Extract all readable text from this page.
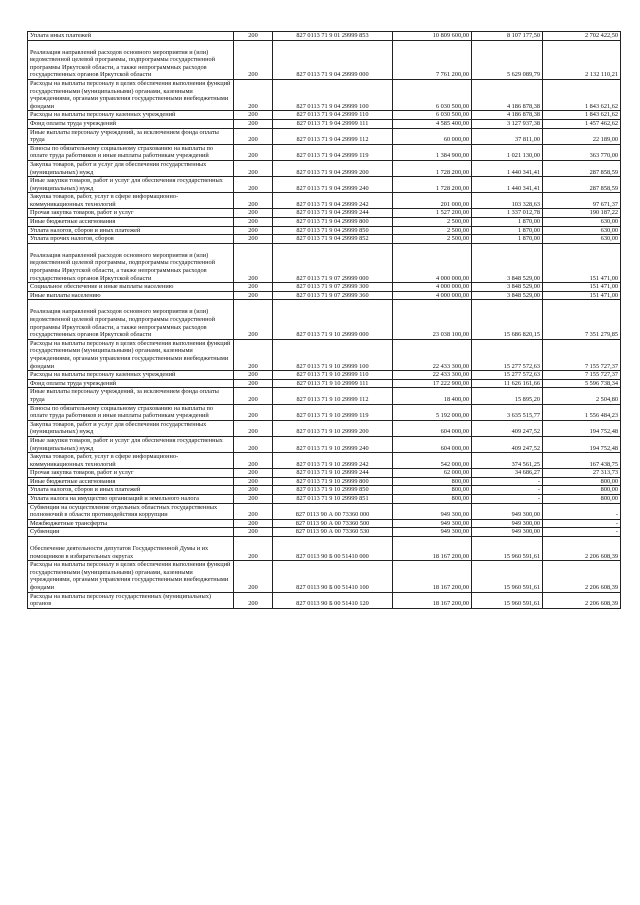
Уплата иных платежей	200	827 0113 71 9 01 29999 853	10 809 600,00	8 107 177,50	2 702 422,50
Реализация направлений расходов основного мероприятия и (или) ведомственной целевой программы, подпрограммы государственной программы Иркутской области, а также непрограммных расходов государственных органов Иркутской области	200	827 0113 71 9 04 29999 000	7 761 200,00	5 629 089,79	2 132 110,21
Расходы на выплаты персоналу в целях обеспечения выполнения функций государственными (муниципальными) органами, казенными учреждениями, органами управления государственными внебюджетными фондами	200	827 0113 71 9 04 29999 100	6 030 500,00	4 186 878,38	1 843 621,62
Расходы на выплаты персоналу казенных учреждений	200	827 0113 71 9 04 29999 110	6 030 500,00	4 186 878,38	1 843 621,62
Фонд оплаты труда учреждений	200	827 0113 71 9 04 29999 111	4 585 400,00	3 127 937,38	1 457 462,62
Иные выплаты персоналу учреждений, за исключением фонда оплаты труда	200	827 0113 71 9 04 29999 112	60 000,00	37 811,00	22 189,00
Взносы по обязательному социальному страхованию на выплаты по оплате труда работников и иные выплаты работникам учреждений	200	827 0113 71 9 04 29999 119	1 384 900,00	1 021 130,00	363 770,00
Закупка товаров, работ и услуг для обеспечения государственных (муниципальных) нужд	200	827 0113 71 9 04 29999 200	1 728 200,00	1 440 341,41	287 858,59
Иные закупки товаров, работ и услуг для обеспечения государственных (муниципальных) нужд	200	827 0113 71 9 04 29999 240	1 728 200,00	1 440 341,41	287 858,59
Закупка товаров, работ, услуг в сфере информационно-коммуникационных технологий	200	827 0113 71 9 04 29999 242	201 000,00	103 328,63	97 671,37
Прочая закупка товаров, работ и услуг	200	827 0113 71 9 04 29999 244	1 527 200,00	1 337 012,78	190 187,22
Иные бюджетные ассигнования	200	827 0113 71 9 04 29999 800	2 500,00	1 870,00	630,00
Уплата налогов, сборов и иных платежей	200	827 0113 71 9 04 29999 850	2 500,00	1 870,00	630,00
Уплата прочих налогов, сборов	200	827 0113 71 9 04 29999 852	2 500,00	1 870,00	630,00
Реализация направлений расходов основного мероприятия и (или) ведомственной целевой программы, подпрограммы государственной программы Иркутской области, а также непрограммных расходов государственных органов Иркутской области	200	827 0113 71 9 07 29999 000	4 000 000,00	3 848 529,00	151 471,00
Социальное обеспечение и иные выплаты населению	200	827 0113 71 9 07 29999 300	4 000 000,00	3 848 529,00	151 471,00
Иные выплаты населению	200	827 0113 71 9 07 29999 360	4 000 000,00	3 848 529,00	151 471,00
Реализация направлений расходов основного мероприятия и (или) ведомственной целевой программы, подпрограммы государственной программы Иркутской области, а также непрограммных расходов государственных органов Иркутской области	200	827 0113 71 9 10 29999 000	23 038 100,00	15 686 820,15	7 351 279,85
Расходы на выплаты персоналу в целях обеспечения выполнения функций государственными (муниципальными) органами, казенными учреждениями, органами управления государственными внебюджетными фондами	200	827 0113 71 9 10 29999 100	22 433 300,00	15 277 572,63	7 155 727,37
Расходы на выплаты персоналу казенных учреждений	200	827 0113 71 9 10 29999 110	22 433 300,00	15 277 572,63	7 155 727,37
Фонд оплаты труда учреждений	200	827 0113 71 9 10 29999 111	17 222 900,00	11 626 161,66	5 596 738,34
Иные выплаты персоналу учреждений, за исключением фонда оплаты труда	200	827 0113 71 9 10 29999 112	18 400,00	15 895,20	2 504,80
Взносы по обязательному социальному страхованию на выплаты по оплате труда работников и иные выплаты работникам учреждений	200	827 0113 71 9 10 29999 119	5 192 000,00	3 635 515,77	1 556 484,23
Закупка товаров, работ и услуг для обеспечения государственных (муниципальных) нужд	200	827 0113 71 9 10 29999 200	604 000,00	409 247,52	194 752,48
Иные закупки товаров, работ и услуг для обеспечения государственных (муниципальных) нужд	200	827 0113 71 9 10 29999 240	604 000,00	409 247,52	194 752,48
Закупка товаров, работ, услуг в сфере информационно-коммуникационных технологий	200	827 0113 71 9 10 29999 242	542 000,00	374 561,25	167 438,75
Прочая закупка товаров, работ и услуг	200	827 0113 71 9 10 29999 244	62 000,00	34 686,27	27 313,73
Иные бюджетные ассигнования	200	827 0113 71 9 10 29999 800	800,00	-	800,00
Уплата налогов, сборов и иных платежей	200	827 0113 71 9 10 29999 850	800,00	-	800,00
Уплата налога на имущество организаций и земельного налога	200	827 0113 71 9 10 29999 851	800,00	-	800,00
Субвенции на осуществление отдельных областных государственных полномочий в области противодействия коррупции	200	827 0113 90 А 00 73360 000	949 300,00	949 300,00	-
Межбюджетные трансферты	200	827 0113 90 А 00 73360 500	949 300,00	949 300,00	-
Субвенции	200	827 0113 90 А 00 73360 530	949 300,00	949 300,00	-
Обеспечение деятельности депутатов Государственной Думы и их помощников в избирательных округах	200	827 0113 90 Б 00 51410 000	18 167 200,00	15 960 591,61	2 206 608,39
Расходы на выплаты персоналу в целях обеспечения выполнения функций государственными (муниципальными) органами, казенными учреждениями, органами управления государственными внебюджетными фондами	200	827 0113 90 Б 00 51410 100	18 167 200,00	15 960 591,61	2 206 608,39
Расходы на выплаты персоналу государственных (муниципальных) органов	200	827 0113 90 Б 00 51410 120	18 167 200,00	15 960 591,61	2 206 608,39
